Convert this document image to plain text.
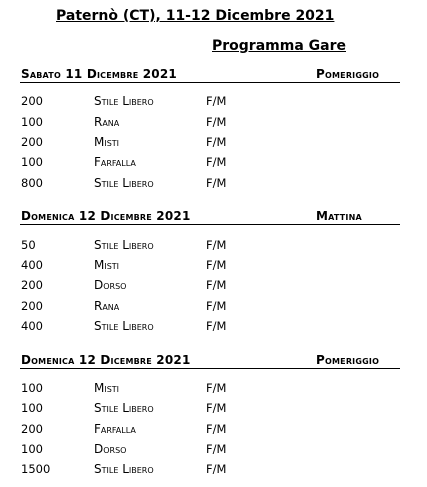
Paternò (CT), 11-12 Dicembre 2021
Programma Gare
Sabato 11 Dicembre 2021	Pomeriggio
200	Stile Libero	F/M
100	Rana	F/M
200	Misti	F/M
100	Farfalla	F/M
800	Stile Libero	F/M
Domenica 12 Dicembre 2021	Mattina
50	Stile Libero	F/M
400	Misti	F/M
200	Dorso	F/M
200	Rana	F/M
400	Stile Libero	F/M
Domenica 12 Dicembre 2021	Pomeriggio
100	Misti	F/M
100	Stile Libero	F/M
200	Farfalla	F/M
100	Dorso	F/M
1500	Stile Libero	F/M
